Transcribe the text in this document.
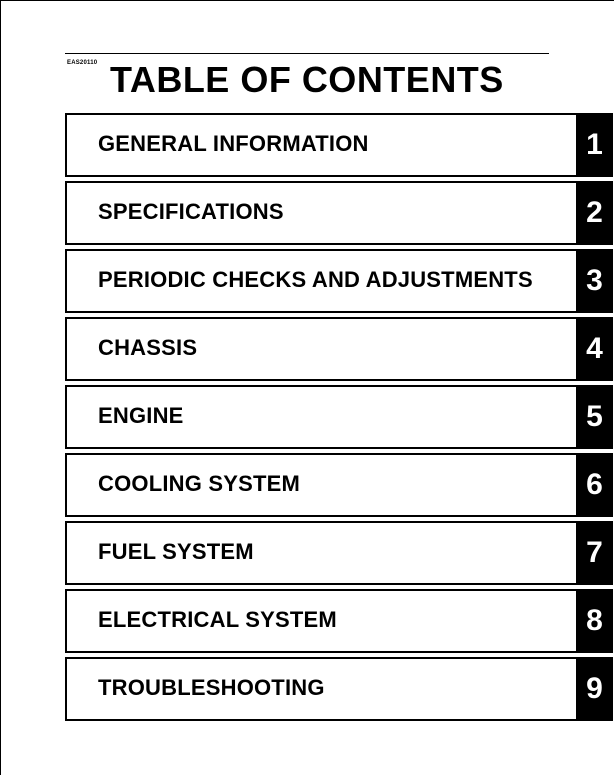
EAS20110 TABLE OF CONTENTS
GENERAL INFORMATION	1
SPECIFICATIONS	2
PERIODIC CHECKS AND ADJUSTMENTS	3
CHASSIS	4
ENGINE	5
COOLING SYSTEM	6
FUEL SYSTEM	7
ELECTRICAL SYSTEM	8
TROUBLESHOOTING	9
